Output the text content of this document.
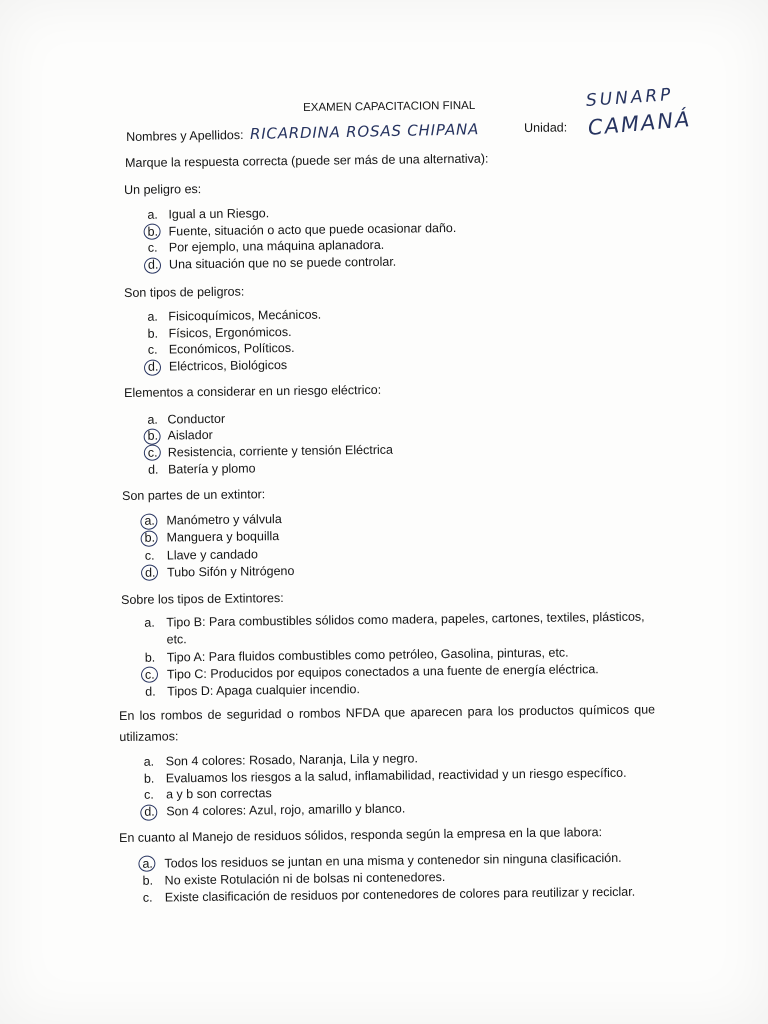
SUNARP
EXAMEN CAPACITACION FINAL
Nombres y Apellidos: RICARDINA ROSAS CHIPANA	Unidad: CAMANÁ
Marque la respuesta correcta (puede ser más de una alternativa):
Un peligro es:
a. Igual a un Riesgo.
b. Fuente, situación o acto que puede ocasionar daño.
c. Por ejemplo, una máquina aplanadora.
d. Una situación que no se puede controlar.
Son tipos de peligros:
a. Fisicoquímicos, Mecánicos.
b. Físicos, Ergonómicos.
c. Económicos, Políticos.
d. Eléctricos, Biológicos
Elementos a considerar en un riesgo eléctrico:
a. Conductor
b. Aislador
c. Resistencia, corriente y tensión Eléctrica
d. Batería y plomo
Son partes de un extintor:
a. Manómetro y válvula
b. Manguera y boquilla
c. Llave y candado
d. Tubo Sifón y Nitrógeno
Sobre los tipos de Extintores:
a. Tipo B: Para combustibles sólidos como madera, papeles, cartones, textiles, plásticos, etc.
b. Tipo A: Para fluidos combustibles como petróleo, Gasolina, pinturas, etc.
c. Tipo C: Producidos por equipos conectados a una fuente de energía eléctrica.
d. Tipos D: Apaga cualquier incendio.
En los rombos de seguridad o rombos NFDA que aparecen para los productos químicos que utilizamos:
a. Son 4 colores: Rosado, Naranja, Lila y negro.
b. Evaluamos los riesgos a la salud, inflamabilidad, reactividad y un riesgo específico.
c. a y b son correctas
d. Son 4 colores: Azul, rojo, amarillo y blanco.
En cuanto al Manejo de residuos sólidos, responda según la empresa en la que labora:
a. Todos los residuos se juntan en una misma y contenedor sin ninguna clasificación.
b. No existe Rotulación ni de bolsas ni contenedores.
c. Existe clasificación de residuos por contenedores de colores para reutilizar y reciclar.
